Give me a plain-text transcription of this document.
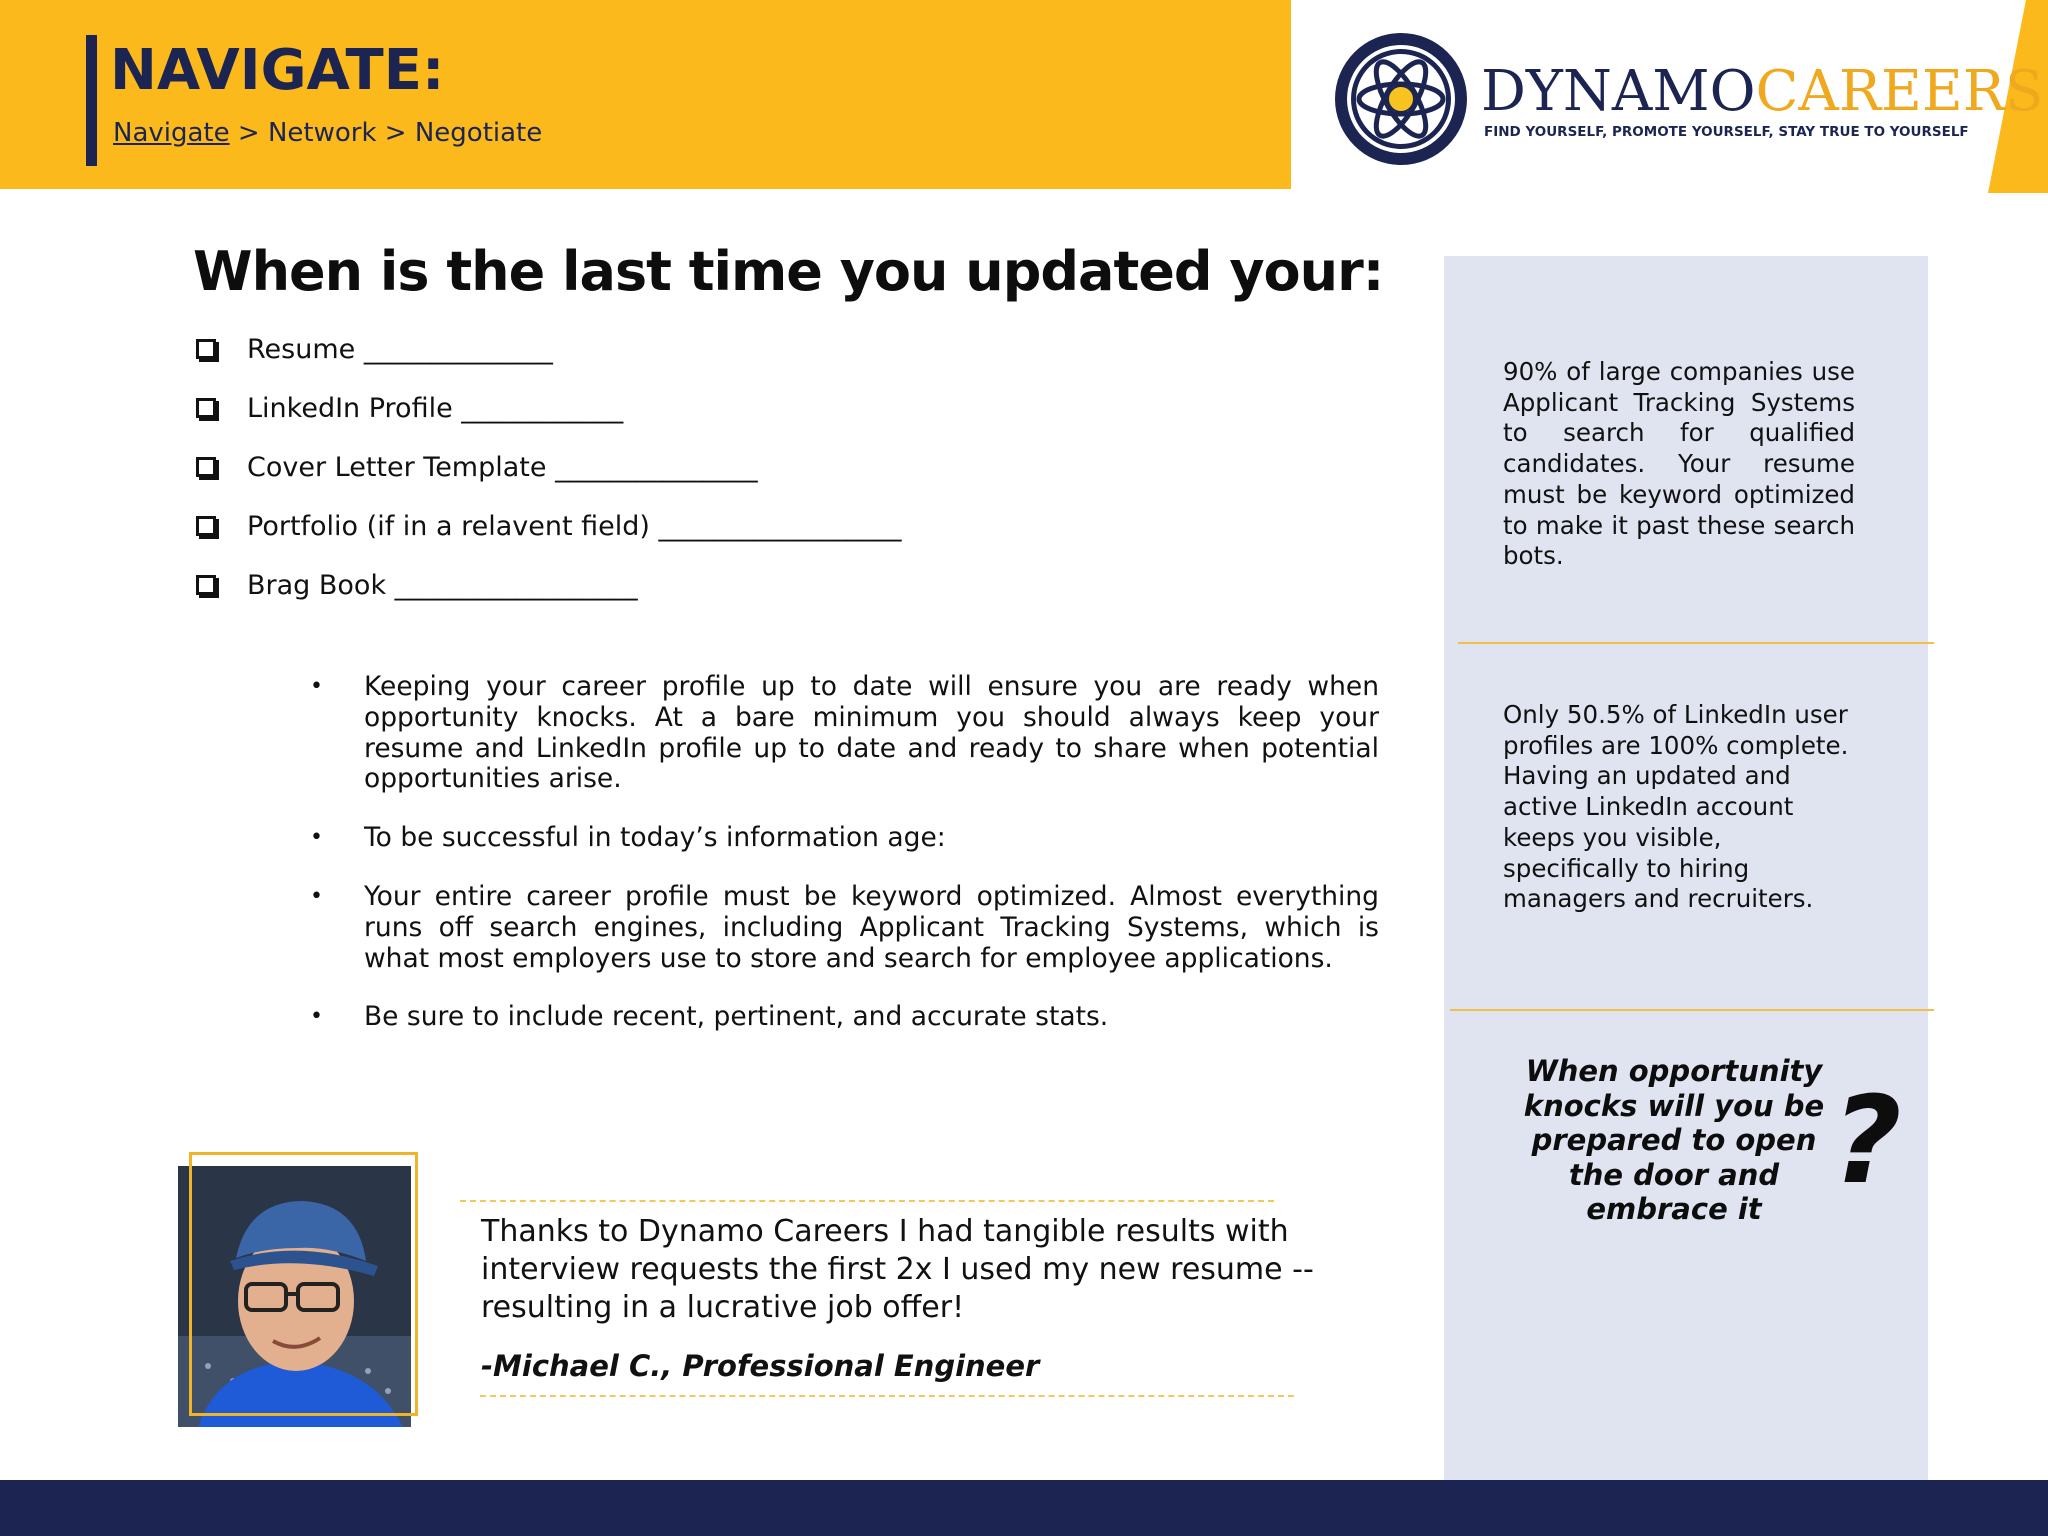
NAVIGATE:
Navigate > Network > Negotiate
DYNAMOCAREERS
FIND YOURSELF, PROMOTE YOURSELF, STAY TRUE TO YOURSELF
When is the last time you updated your:
Resume ______________
LinkedIn Profile ____________
Cover Letter Template _______________
Portfolio (if in a relavent field) __________________
Brag Book __________________
• Keeping your career profile up to date will ensure you are ready when opportunity knocks. At a bare minimum you should always keep your resume and LinkedIn profile up to date and ready to share when potential opportunities arise.
• To be successful in today’s information age:
• Your entire career profile must be keyword optimized. Almost everything runs off search engines, including Applicant Tracking Systems, which is what most employers use to store and search for employee applications.
• Be sure to include recent, pertinent, and accurate stats.
Thanks to Dynamo Careers I had tangible results with interview requests the first 2x I used my new resume -- resulting in a lucrative job offer!
-Michael C., Professional Engineer
90% of large companies use Applicant Tracking Systems to search for qualified candidates. Your resume must be keyword optimized to make it past these search bots.
Only 50.5% of LinkedIn user profiles are 100% complete. Having an updated and active LinkedIn account keeps you visible, specifically to hiring managers and recruiters.
When opportunity knocks will you be prepared to open the door and embrace it ?
